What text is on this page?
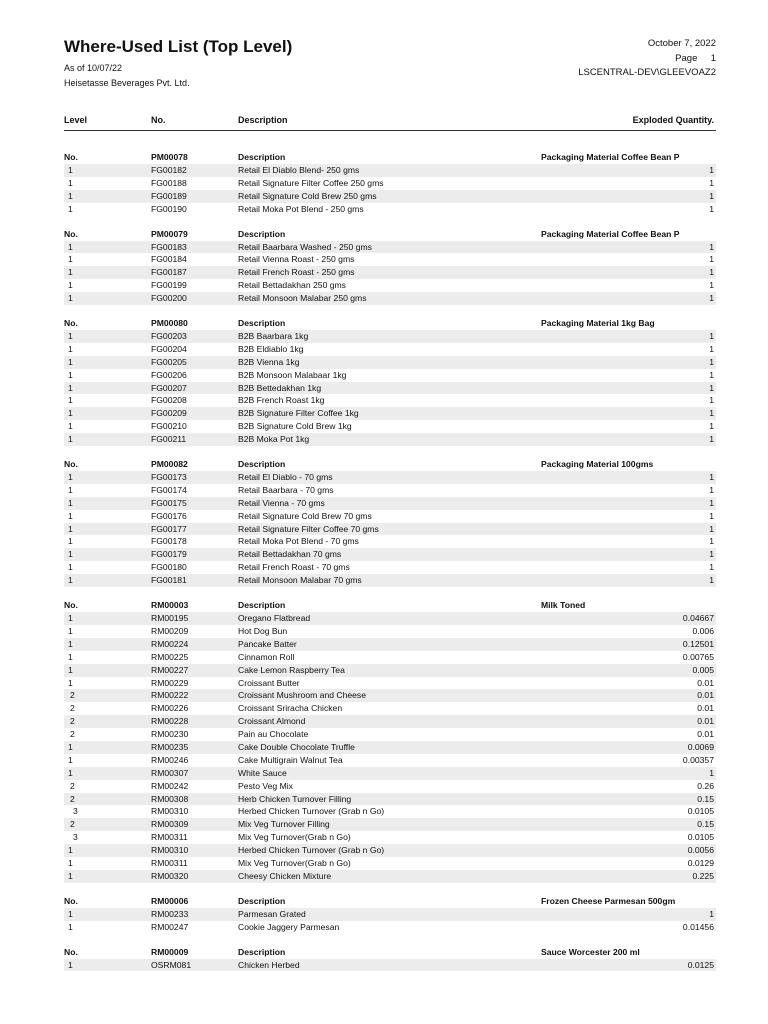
Where-Used List (Top Level)
As of 10/07/22
Heisetasse Beverages Pvt. Ltd.
October 7, 2022
Page 1
LSCENTRAL-DEV\GLEEVOAZ2
Level	No.	Description	Exploded Quantity.
No.	PM00078	Description	Packaging Material Coffee Bean P
1	FG00182	Retail El Diablo Blend- 250 gms	1
1	FG00188	Retail Signature Filter Coffee 250 gms	1
1	FG00189	Retail Signature Cold Brew 250 gms	1
1	FG00190	Retail Moka Pot Blend - 250 gms	1
No.	PM00079	Description	Packaging Material Coffee Bean P
1	FG00183	Retail Baarbara Washed - 250 gms	1
1	FG00184	Retail Vienna Roast - 250 gms	1
1	FG00187	Retail French Roast - 250 gms	1
1	FG00199	Retail Bettadakhan 250 gms	1
1	FG00200	Retail Monsoon Malabar 250 gms	1
No.	PM00080	Description	Packaging Material 1kg Bag
1	FG00203	B2B Baarbara 1kg	1
1	FG00204	B2B Eldiablo 1kg	1
1	FG00205	B2B Vienna 1kg	1
1	FG00206	B2B Monsoon Malabaar 1kg	1
1	FG00207	B2B Bettedakhan 1kg	1
1	FG00208	B2B French Roast 1kg	1
1	FG00209	B2B Signature Filter Coffee 1kg	1
1	FG00210	B2B Signature Cold Brew 1kg	1
1	FG00211	B2B Moka Pot 1kg	1
No.	PM00082	Description	Packaging Material 100gms
1	FG00173	Retail El Diablo - 70 gms	1
1	FG00174	Retail Baarbara - 70 gms	1
1	FG00175	Retail Vienna - 70 gms	1
1	FG00176	Retail Signature Cold Brew 70 gms	1
1	FG00177	Retail Signature Filter Coffee 70 gms	1
1	FG00178	Retail Moka Pot Blend - 70 gms	1
1	FG00179	Retail Bettadakhan 70 gms	1
1	FG00180	Retail French Roast - 70 gms	1
1	FG00181	Retail Monsoon Malabar 70 gms	1
No.	RM00003	Description	Milk Toned
1	RM00195	Oregano Flatbread	0.04667
1	RM00209	Hot Dog Bun	0.006
1	RM00224	Pancake Batter	0.12501
1	RM00225	Cinnamon Roll	0.00765
1	RM00227	Cake Lemon Raspberry Tea	0.005
1	RM00229	Croissant Butter	0.01
2	RM00222	Croissant Mushroom and Cheese	0.01
2	RM00226	Croissant Sriracha Chicken	0.01
2	RM00228	Croissant Almond	0.01
2	RM00230	Pain au Chocolate	0.01
1	RM00235	Cake Double Chocolate Truffle	0.0069
1	RM00246	Cake Multigrain Walnut Tea	0.00357
1	RM00307	White Sauce	1
2	RM00242	Pesto Veg Mix	0.26
2	RM00308	Herb Chicken Turnover Filling	0.15
3	RM00310	Herbed Chicken Turnover (Grab n Go)	0.0105
2	RM00309	Mix Veg Turnover Filling	0.15
3	RM00311	Mix Veg Turnover(Grab n Go)	0.0105
1	RM00310	Herbed Chicken Turnover (Grab n Go)	0.0056
1	RM00311	Mix Veg Turnover(Grab n Go)	0.0129
1	RM00320	Cheesy Chicken Mixture	0.225
No.	RM00006	Description	Frozen Cheese Parmesan 500gm
1	RM00233	Parmesan Grated	1
1	RM00247	Cookie Jaggery Parmesan	0.01456
No.	RM00009	Description	Sauce Worcester 200 ml
1	OSRM081	Chicken Herbed	0.0125
